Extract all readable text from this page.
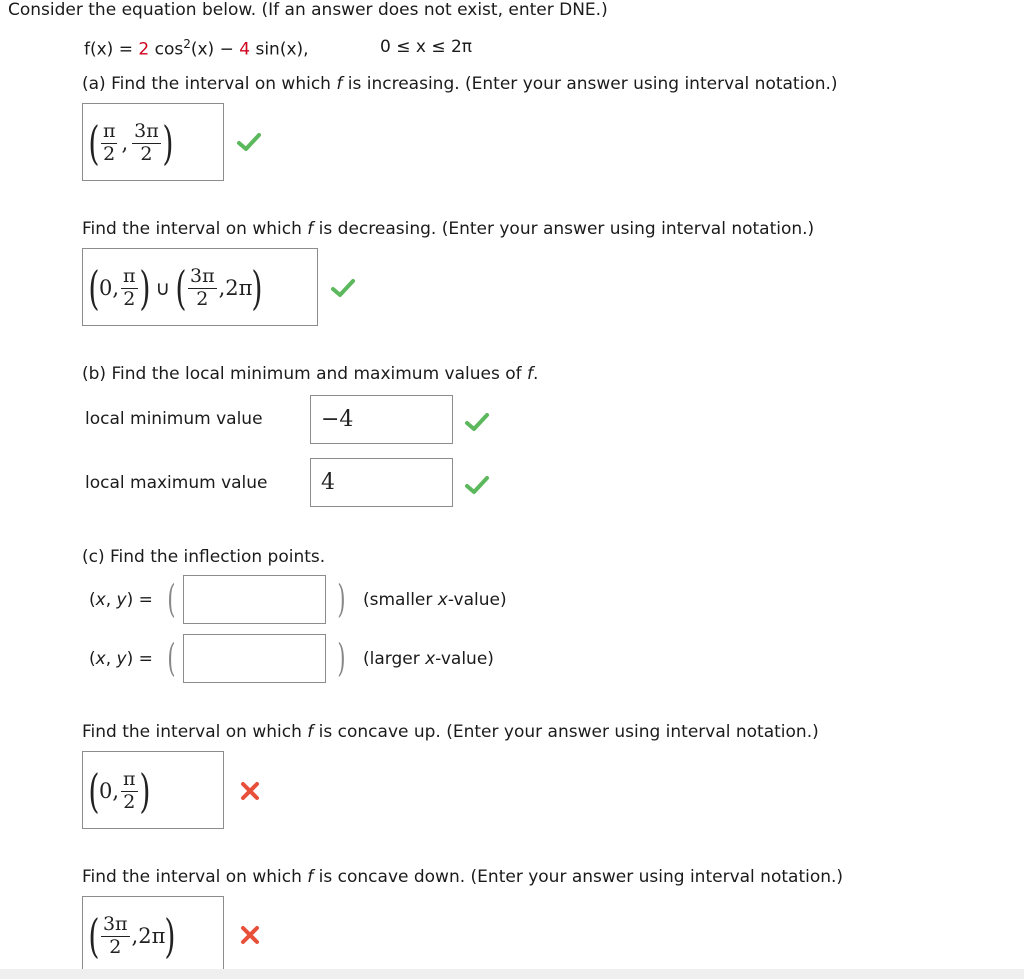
Consider the equation below. (If an answer does not exist, enter DNE.)
f(x) = 2 $\cos^2(x) - 4$ sin(x),	0 ≤ x ≤ 2π
(a) Find the interval on which f is increasing. (Enter your answer using interval notation.)
( $\frac{\pi}{2}$ , $\frac{3\pi}{2}$ )
Find the interval on which f is decreasing. (Enter your answer using interval notation.)
( 0, $\frac{\pi}{2}$ ) ∪ ( $\frac{3\pi}{2} ,2\pi$ )
(b) Find the local minimum and maximum values of f.
local minimum value	−4
local maximum value	4
(c) Find the inflection points.
(x, y) = (	) (smaller x-value)
(x, y) = (	) (larger x-value)
Find the interval on which f is concave up. (Enter your answer using interval notation.)
( 0, $\frac{\pi}{2}$ )
Find the interval on which f is concave down. (Enter your answer using interval notation.)
( $\frac{3\pi}{2} ,2\pi$ )
